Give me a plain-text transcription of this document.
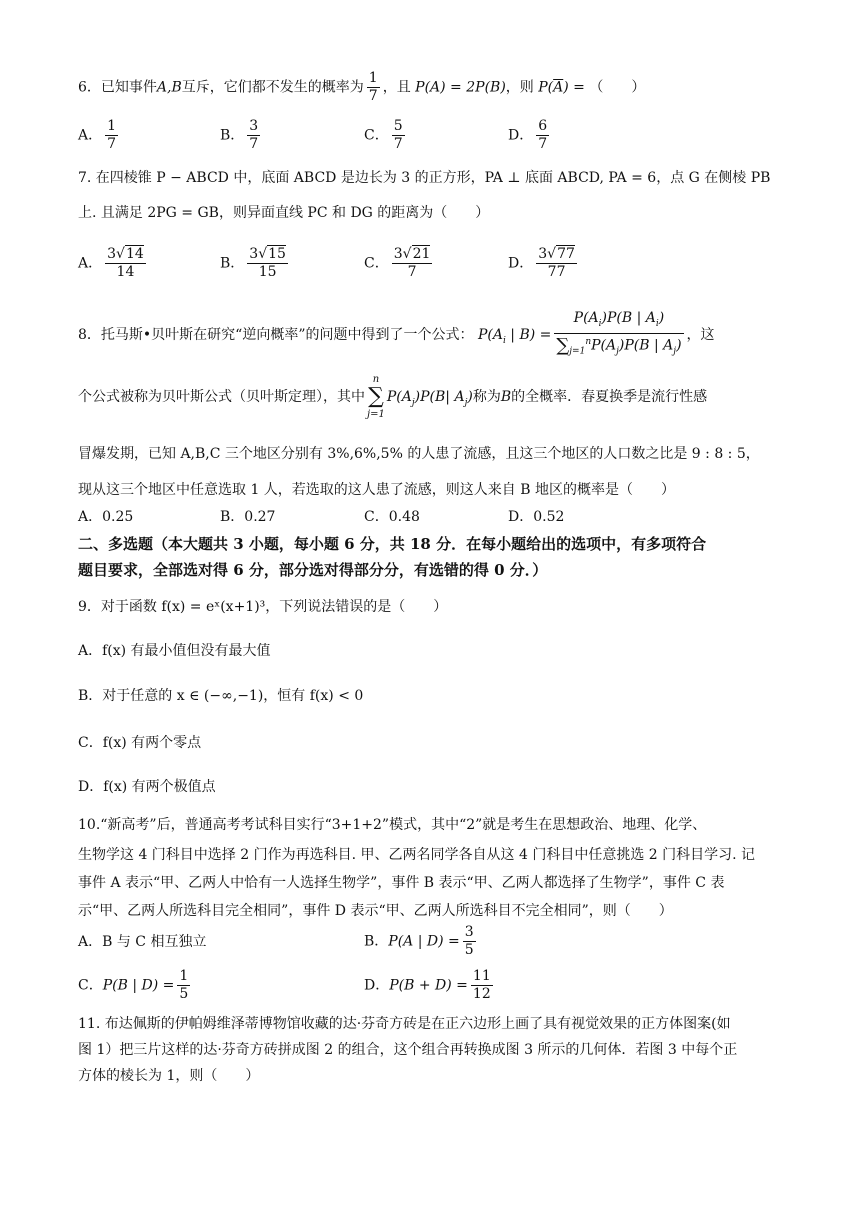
6．已知事件A,B互斥，它们都不发生的概率为 $\frac{1}{7}$ ，且 P(A) = 2P(B)，则 $P(\overline{A})$ = （　　）
A． $\frac{1}{7}$	B． $\frac{3}{7}$	C． $\frac{5}{7}$	D． $\frac{6}{7}$
7. 在四棱锥 P − ABCD 中，底面 ABCD 是边长为 3 的正方形，PA ⊥ 底面 ABCD, PA = 6，点 G 在侧棱 PB
上. 且满足 2PG = GB，则异面直线 PC 和 DG 的距离为（　　）
A． $\frac{3√14}{14}$	B． $\frac{3√15}{15}$	C． $\frac{3√21}{7}$	D． $\frac{3√77}{77}$
8．托马斯•贝叶斯在研究“逆向概率”的问题中得到了一个公式： $P(A_i$ | $B) = \frac{P(A_i)P(B | A_i)}{\sum_{j=1}^nP(A_j)P(B | A_j)}$ ，这
个公式被称为贝叶斯公式（贝叶斯定理），其中n
∑
$j=1P(A_j)P(B|$ $A_j$)称为B的全概率．春夏换季是流行性感
冒爆发期，已知 A,B,C 三个地区分别有 3%,6%,5% 的人患了流感，且这三个地区的人口数之比是 9 : 8 : 5，
现从这三个地区中任意选取 1 人，若选取的这人患了流感，则这人来自 B 地区的概率是（　　）
A．0.25	B．0.27	C．0.48	D．0.52
二、多选题（本大题共 3 小题，每小题 6 分，共 18 分．在每小题给出的选项中，有多项符合
题目要求，全部选对得 6 分，部分选对得部分分，有选错的得 0 分．）
9．对于函数 f(x) = eˣ(x+1)³，下列说法错误的是（　　）
A．f(x) 有最小值但没有最大值
B．对于任意的 x ∈ (−∞,−1)，恒有 f(x) < 0
C．f(x) 有两个零点
D．f(x) 有两个极值点
10.“新高考”后，普通高考考试科目实行“3+1+2”模式，其中“2”就是考生在思想政治、地理、化学、
生物学这 4 门科目中选择 2 门作为再选科目. 甲、乙两名同学各自从这 4 门科目中任意挑选 2 门科目学习. 记
事件 A 表示“甲、乙两人中恰有一人选择生物学”，事件 B 表示“甲、乙两人都选择了生物学”，事件 C 表
示“甲、乙两人所选科目完全相同”，事件 D 表示“甲、乙两人所选科目不完全相同”，则（　　）
A．B 与 C 相互独立	B．P(A | $D) = \frac{3}{5}$
C．P(B | $D) = \frac{1}{5}$	D．$P(B + D) = \frac{11}{12}$
11. 布达佩斯的伊帕姆维泽蒂博物馆收藏的达·芬奇方砖是在正六边形上画了具有视觉效果的正方体图案(如
图 1）把三片这样的达·芬奇方砖拼成图 2 的组合，这个组合再转换成图 3 所示的几何体．若图 3 中每个正
方体的棱长为 1，则（　　）
